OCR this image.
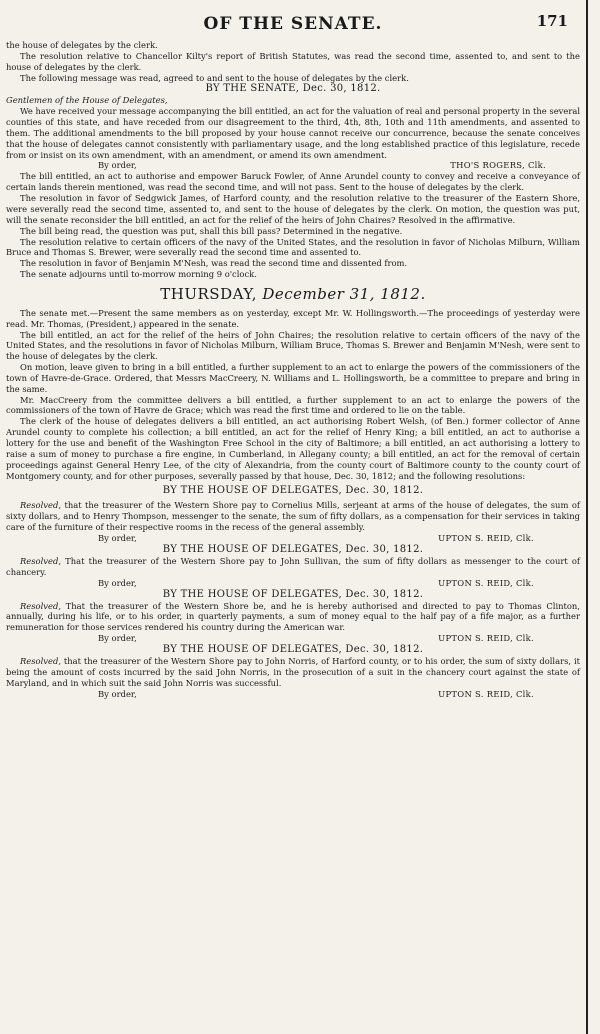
OF THE SENATE.	171

the house of delegates by the clerk.

The resolution relative to Chancellor Kilty's report of British Statutes, was read the second time, assented to, and sent to the house of delegates by the clerk.

The following message was read, agreed to and sent to the house of delegates by the clerk.

BY THE SENATE, Dec. 30, 1812.
Gentlemen of the House of Delegates,

We have received your message accompanying the bill entitled, an act for the valuation of real and personal property in the several counties of this state, and have receded from our disagreement to the third, 4th, 8th, 10th and 11th amendments, and assented to them. The additional amendments to the bill proposed by your house cannot receive our concurrence, because the senate conceives that the house of delegates cannot consistently with parliamentary usage, and the long established practice of this legislature, recede from or insist on its own amendment, with an amendment, or amend its own amendment.

By order,	THO'S ROGERS, Clk.

The bill entitled, an act to authorise and empower Baruck Fowler, of Anne Arundel county to convey and receive a conveyance of certain lands therein mentioned, was read the second time, and will not pass. Sent to the house of delegates by the clerk.

The resolution in favor of Sedgwick James, of Harford county, and the resolution relative to the treasurer of the Eastern Shore, were severally read the second time, assented to, and sent to the house of delegates by the clerk. On motion, the question was put, will the senate reconsider the bill entitled, an act for the relief of the heirs of John Chaires? Resolved in the affirmative.

The bill being read, the question was put, shall this bill pass? Determined in the negative.

The resolution relative to certain officers of the navy of the United States, and the resolution in favor of Nicholas Milburn, William Bruce and Thomas S. Brewer, were severally read the second time and assented to.

The resolution in favor of Benjamin M'Nesh, was read the second time and dissented from.

The senate adjourns until to-morrow morning 9 o'clock.

THURSDAY, December 31, 1812.

The senate met.—Present the same members as on yesterday, except Mr. W. Hollingsworth.—The proceedings of yesterday were read. Mr. Thomas, (President,) appeared in the senate.

The bill entitled, an act for the relief of the heirs of John Chaires; the resolution relative to certain officers of the navy of the United States, and the resolutions in favor of Nicholas Milburn, William Bruce, Thomas S. Brewer and Benjamin M'Nesh, were sent to the house of delegates by the clerk.

On motion, leave given to bring in a bill entitled, a further supplement to an act to enlarge the powers of the commissioners of the town of Havre-de-Grace. Ordered, that Messrs MacCreery, N. Williams and L. Hollingsworth, be a committee to prepare and bring in the same.

Mr. MacCreery from the committee delivers a bill entitled, a further supplement to an act to enlarge the powers of the commissioners of the town of Havre de Grace; which was read the first time and ordered to lie on the table.

The clerk of the house of delegates delivers a bill entitled, an act authorising Robert Welsh, (of Ben.) former collector of Anne Arundel county to complete his collection; a bill entitled, an act for the relief of Henry King; a bill entitled, an act to authorise a lottery for the use and benefit of the Washington Free School in the city of Baltimore; a bill entitled, an act authorising a lottery to raise a sum of money to purchase a fire engine, in Cumberland, in Allegany county; a bill entitled, an act for the removal of certain proceedings against General Henry Lee, of the city of Alexandria, from the county court of Baltimore county to the county court of Montgomery county, and for other purposes, severally passed by that house, Dec. 30, 1812; and the following resolutions:

BY THE HOUSE OF DELEGATES, Dec. 30, 1812.

Resolved, that the treasurer of the Western Shore pay to Cornelius Mills, serjeant at arms of the house of delegates, the sum of sixty dollars, and to Henry Thompson, messenger to the senate, the sum of fifty dollars, as a compensation for their services in taking care of the furniture of their respective rooms in the recess of the general assembly.

By order,	UPTON S. REID, Clk.
BY THE HOUSE OF DELEGATES, Dec. 30, 1812.

Resolved, That the treasurer of the Western Shore pay to John Sullivan, the sum of fifty dollars as messenger to the court of chancery.

By order,	UPTON S. REID, Clk.
BY THE HOUSE OF DELEGATES, Dec. 30, 1812.

Resolved, That the treasurer of the Western Shore be, and he is hereby authorised and directed to pay to Thomas Clinton, annually, during his life, or to his order, in quarterly payments, a sum of money equal to the half pay of a fife major, as a further remuneration for those services rendered his country during the American war.

By order,	UPTON S. REID, Clk.
BY THE HOUSE OF DELEGATES, Dec. 30, 1812.

Resolved, that the treasurer of the Western Shore pay to John Norris, of Harford county, or to his order, the sum of sixty dollars, it being the amount of costs incurred by the said John Norris, in the prosecution of a suit in the chancery court against the state of Maryland, and in which suit the said John Norris was successful.

By order,	UPTON S. REID, Clk.
